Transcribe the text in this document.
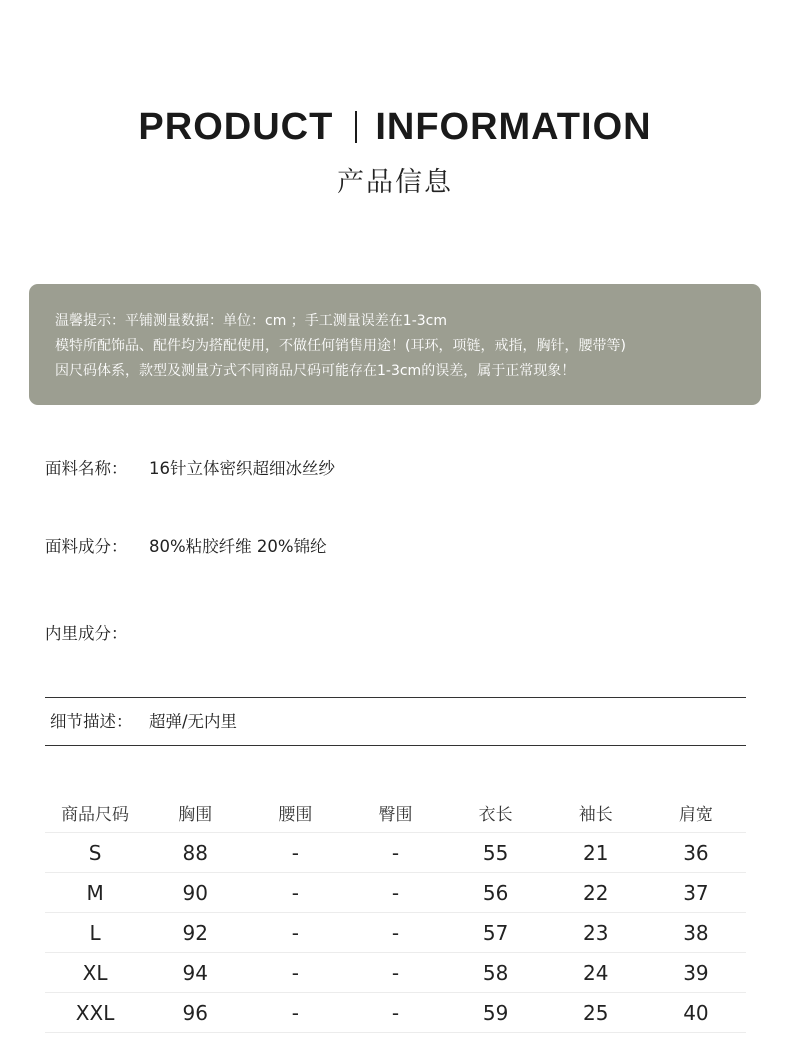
PRODUCT INFORMATION
产品信息
温馨提示：平铺测量数据：单位：cm ；手工测量误差在1-3cm
模特所配饰品、配件均为搭配使用，不做任何销售用途！(耳环，项链，戒指，胸针，腰带等)
因尺码体系，款型及测量方式不同商品尺码可能存在1-3cm的误差，属于正常现象！
面料名称： 16针立体密织超细冰丝纱
面料成分： 80%粘胶纤维 20%锦纶
内里成分：
细节描述： 超弹/无内里
商品尺码	胸围	腰围	臀围	衣长	袖长	肩宽
S	88	-	-	55	21	36
M	90	-	-	56	22	37
L	92	-	-	57	23	38
XL	94	-	-	58	24	39
XXL	96	-	-	59	25	40
